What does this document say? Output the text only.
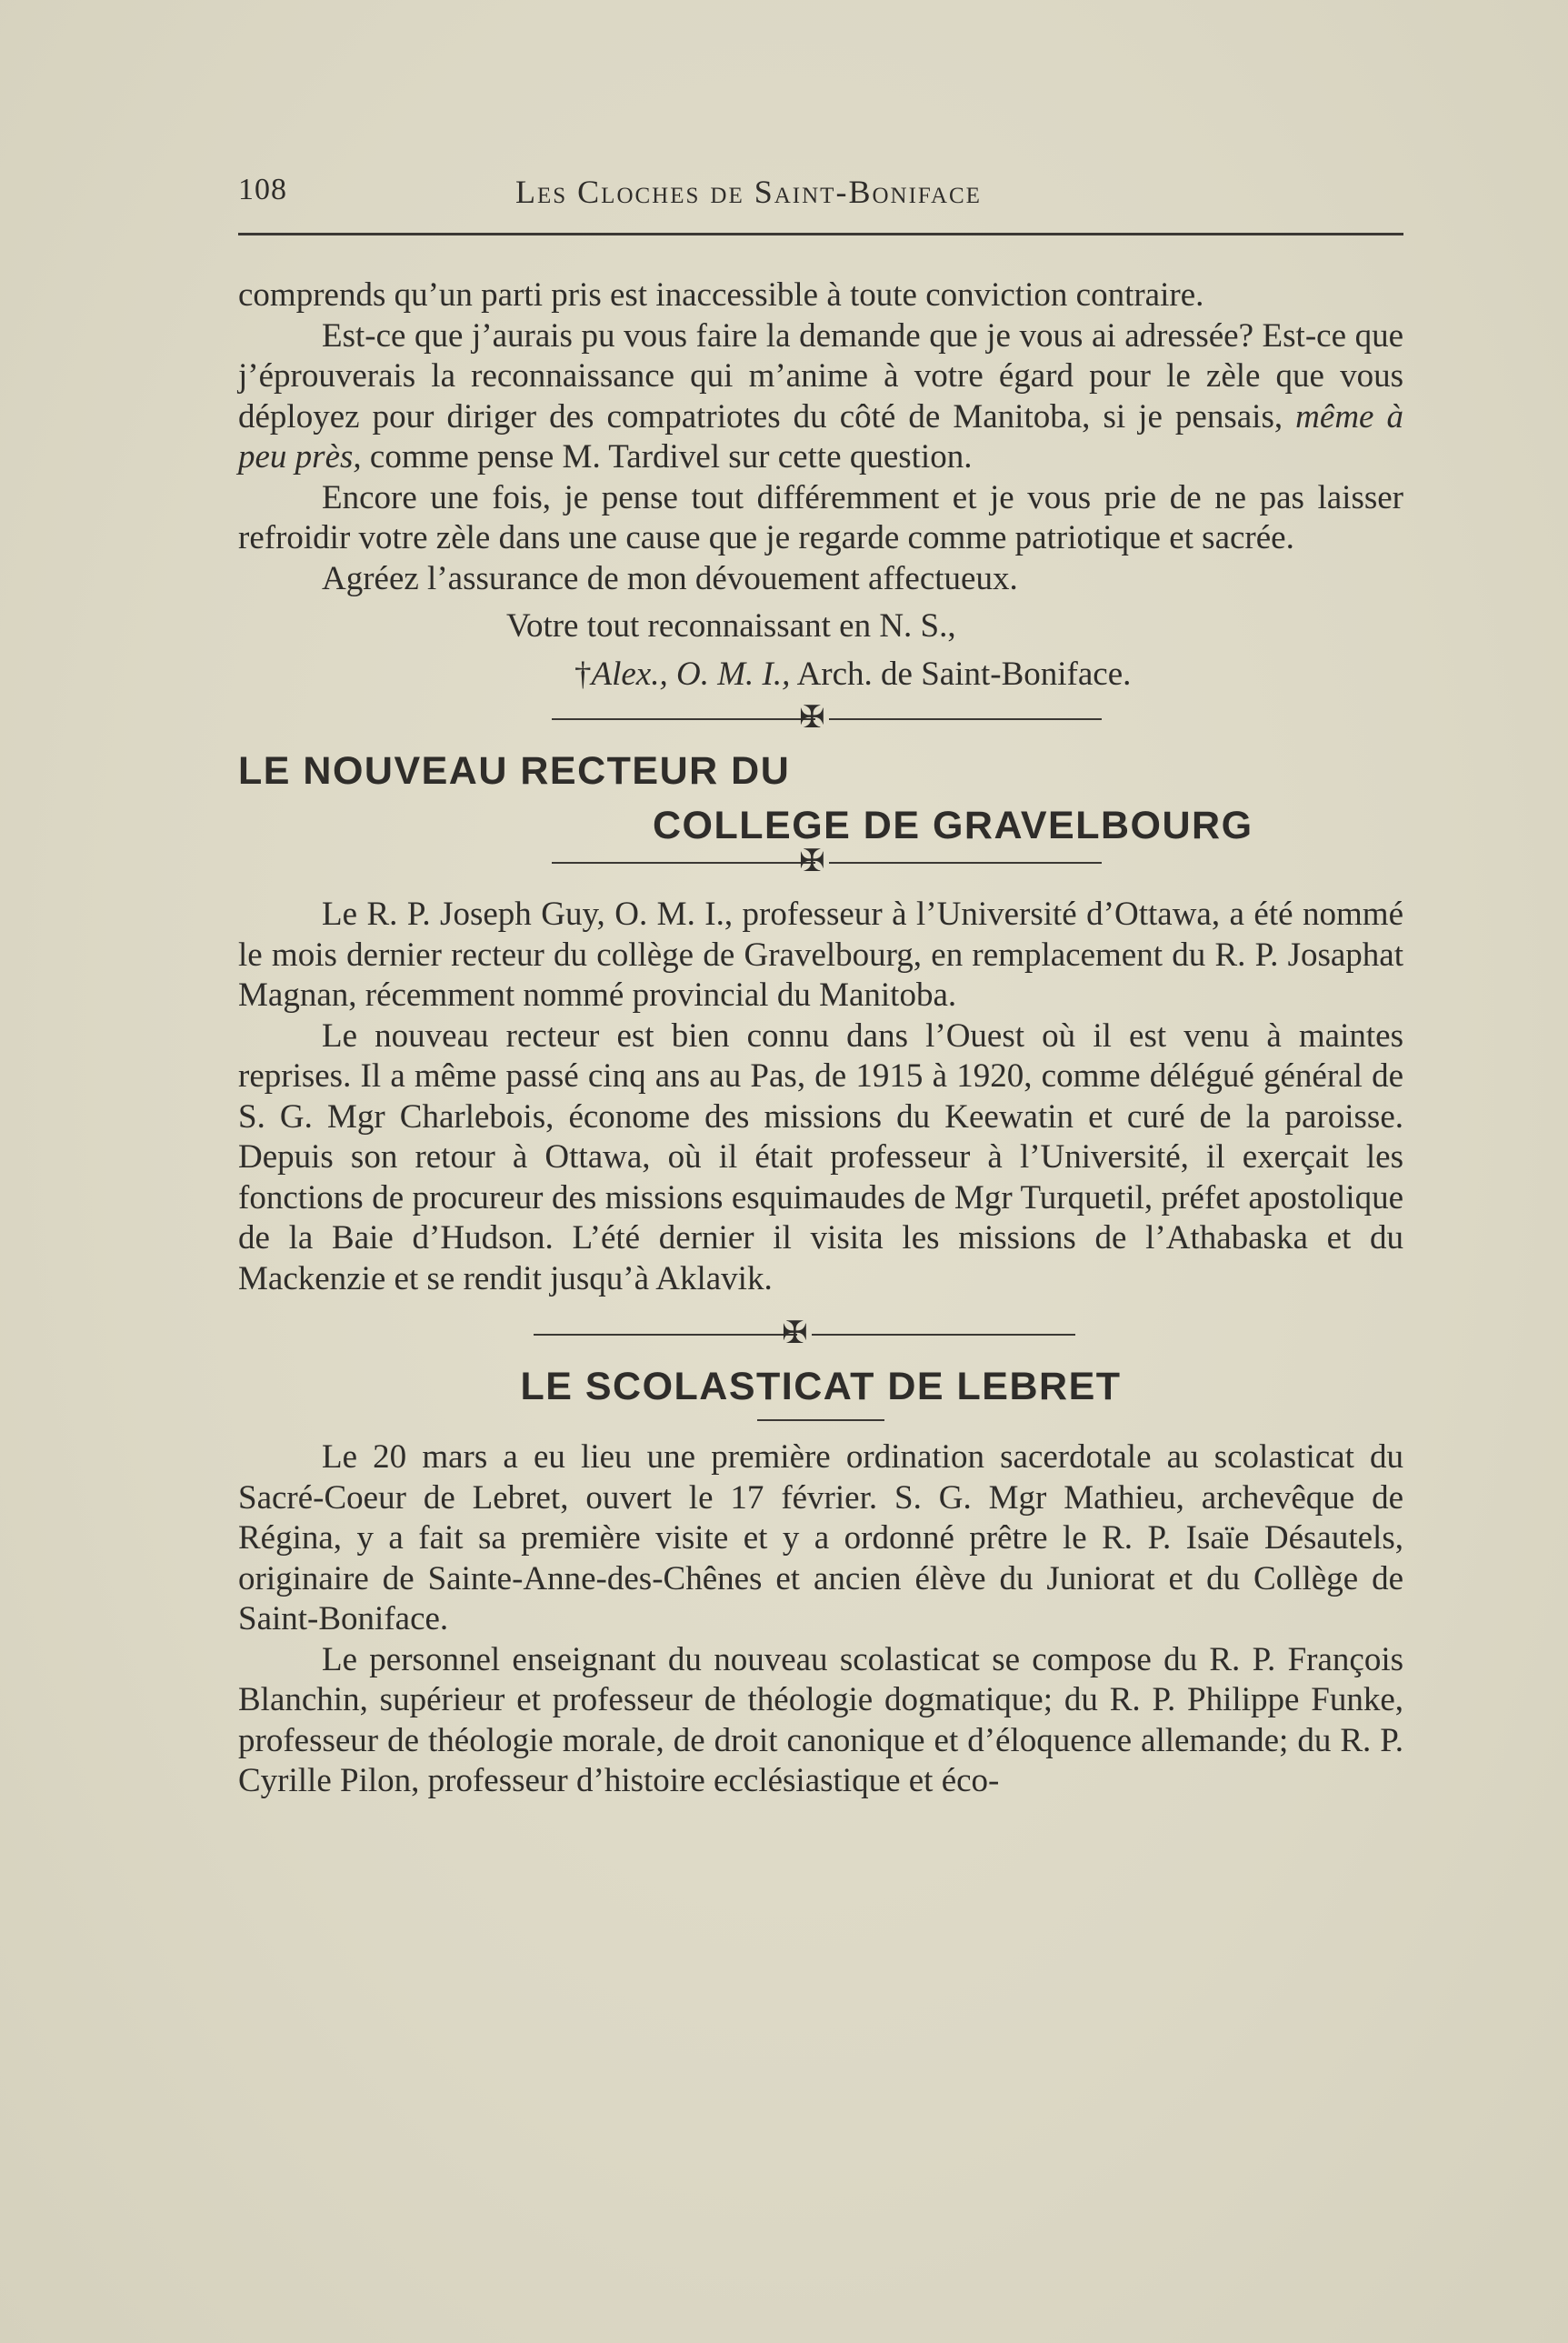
108	Les Cloches de Saint-Boniface

comprends qu’un parti pris est inaccessible à toute conviction contraire.

Est-ce que j’aurais pu vous faire la demande que je vous ai adressée? Est-ce que j’éprouverais la reconnaissance qui m’anime à votre égard pour le zèle que vous déployez pour diriger des compatriotes du côté de Manitoba, si je pensais, même à peu près, comme pense M. Tardivel sur cette question.

Encore une fois, je pense tout différemment et je vous prie de ne pas laisser refroidir votre zèle dans une cause que je regarde comme patriotique et sacrée.

Agréez l’assurance de mon dévouement affectueux.

Votre tout reconnaissant en N. S.,
†Alex., O. M. I., Arch. de Saint-Boniface.
✠
LE NOUVEAU RECTEUR DU
COLLEGE DE GRAVELBOURG
✠

Le R. P. Joseph Guy, O. M. I., professeur à l’Université d’Ottawa, a été nommé le mois dernier recteur du collège de Gravelbourg, en remplacement du R. P. Josaphat Magnan, récemment nommé provincial du Manitoba.

Le nouveau recteur est bien connu dans l’Ouest où il est venu à maintes reprises. Il a même passé cinq ans au Pas, de 1915 à 1920, comme délégué général de S. G. Mgr Charlebois, économe des missions du Keewatin et curé de la paroisse. Depuis son retour à Ottawa, où il était professeur à l’Université, il exerçait les fonctions de procureur des missions esquimaudes de Mgr Turquetil, préfet apostolique de la Baie d’Hudson. L’été dernier il visita les missions de l’Athabaska et du Mackenzie et se rendit jusqu’à Aklavik.

✠
LE SCOLASTICAT DE LEBRET

Le 20 mars a eu lieu une première ordination sacerdotale au scolasticat du Sacré-Coeur de Lebret, ouvert le 17 février. S. G. Mgr Mathieu, archevêque de Régina, y a fait sa première visite et y a ordonné prêtre le R. P. Isaïe Désautels, originaire de Sainte-Anne-des-Chênes et ancien élève du Juniorat et du Collège de Saint-Boniface.

Le personnel enseignant du nouveau scolasticat se compose du R. P. François Blanchin, supérieur et professeur de théologie dogmatique; du R. P. Philippe Funke, professeur de théologie morale, de droit canonique et d’éloquence allemande; du R. P. Cyrille Pilon, professeur d’histoire ecclésiastique et éco-
